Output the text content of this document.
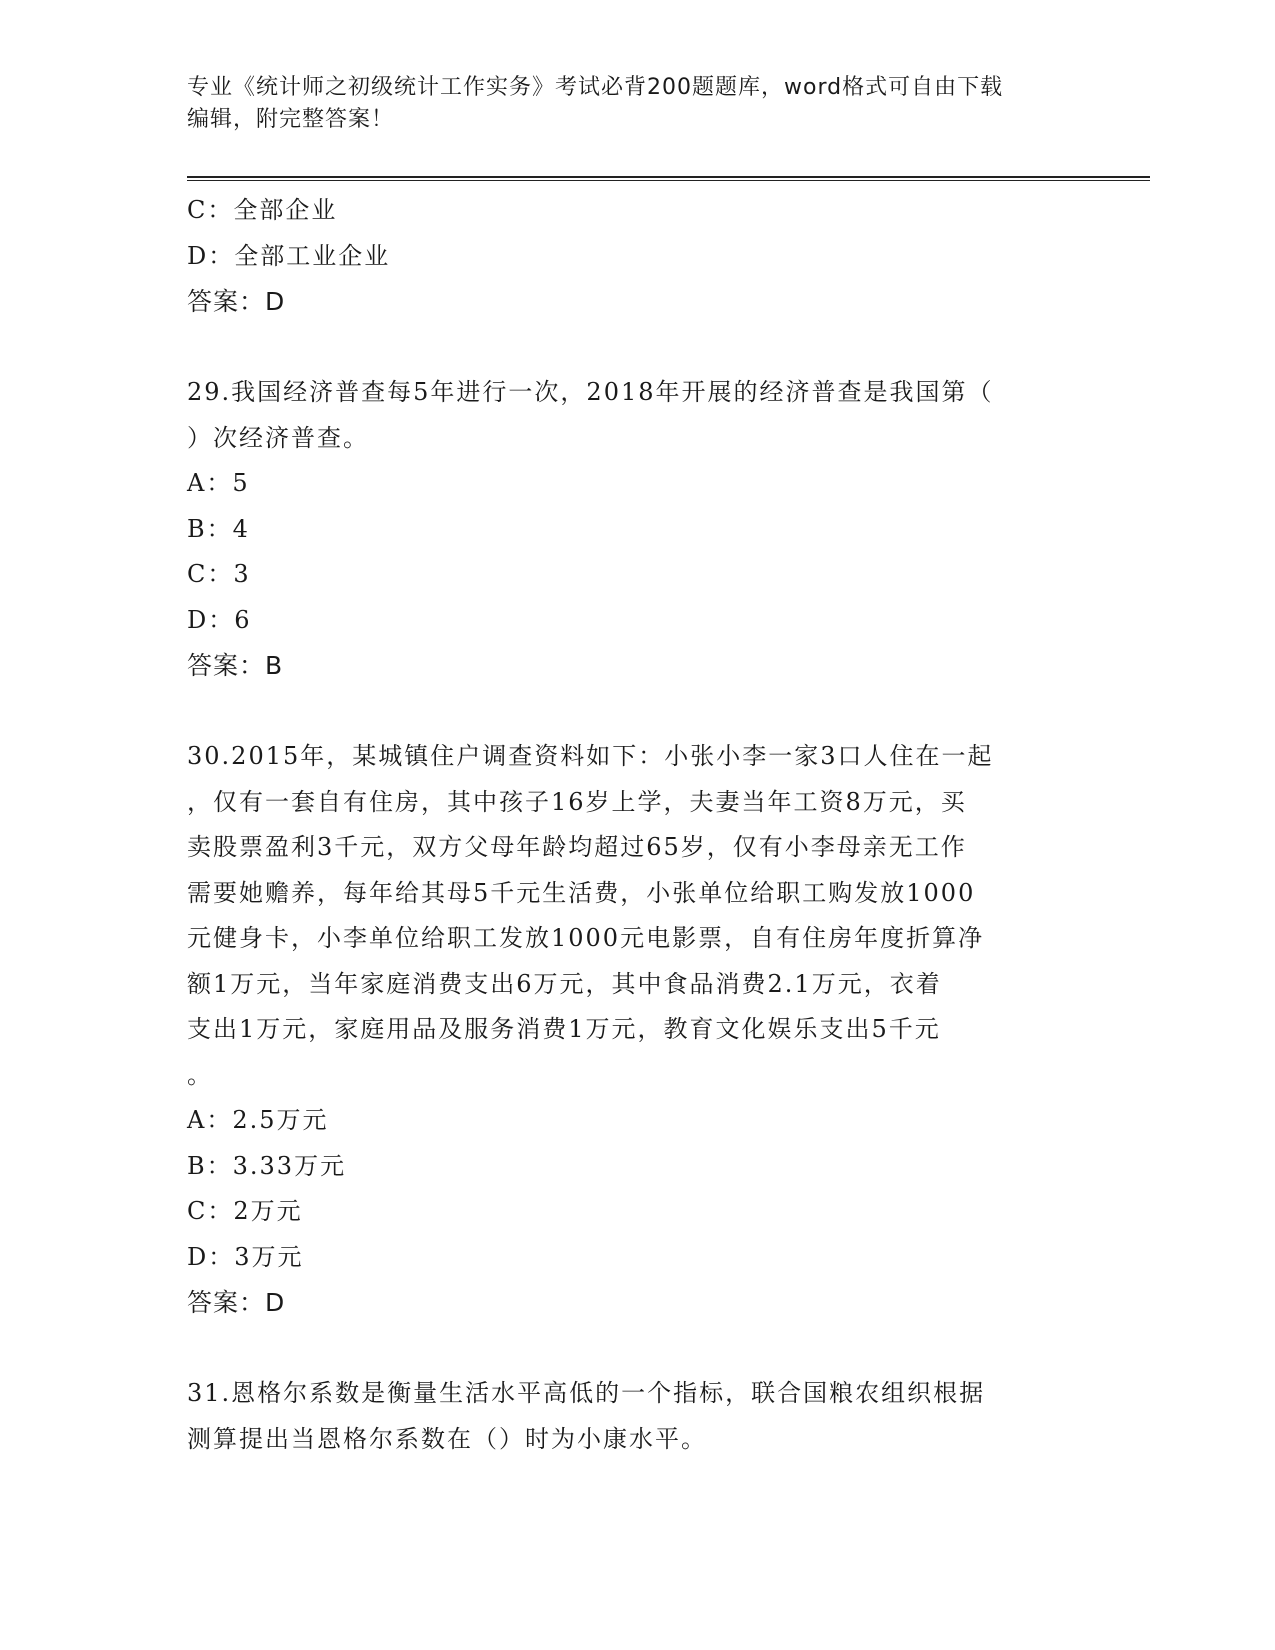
专业《统计师之初级统计工作实务》考试必背200题题库，word格式可自由下载
编辑，附完整答案！
C：全部企业
D：全部工业企业
答案：D
29.我国经济普查每5年进行一次，2018年开展的经济普查是我国第（
）次经济普查。
A：5
B：4
C：3
D：6
答案：B
30.2015年，某城镇住户调查资料如下：小张小李一家3口人住在一起
，仅有一套自有住房，其中孩子16岁上学，夫妻当年工资8万元，买
卖股票盈利3千元，双方父母年龄均超过65岁，仅有小李母亲无工作
需要她赡养，每年给其母5千元生活费，小张单位给职工购发放1000
元健身卡，小李单位给职工发放1000元电影票，自有住房年度折算净
额1万元，当年家庭消费支出6万元，其中食品消费2.1万元，衣着
支出1万元，家庭用品及服务消费1万元，教育文化娱乐支出5千元
。
A：2.5万元
B：3.33万元
C：2万元
D：3万元
答案：D
31.恩格尔系数是衡量生活水平高低的一个指标，联合国粮农组织根据
测算提出当恩格尔系数在（）时为小康水平。
